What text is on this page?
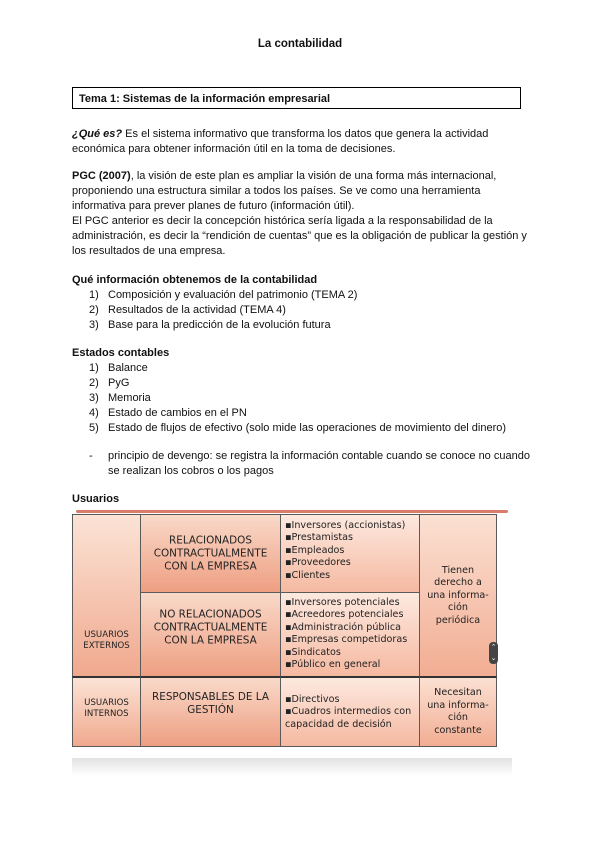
La contabilidad
Tema 1: Sistemas de la información empresarial

¿Qué es? Es el sistema informativo que transforma los datos que genera la actividad económica para obtener información útil en la toma de decisiones.

PGC (2007), la visión de este plan es ampliar la visión de una forma más internacional, proponiendo una estructura similar a todos los países. Se ve como una herramienta informativa para prever planes de futuro (información útil).

El PGC anterior es decir la concepción histórica sería ligada a la responsabilidad de la administración, es decir la “rendición de cuentas” que es la obligación de publicar la gestión y los resultados de una empresa.

Qué información obtenemos de la contabilidad
1) Composición y evaluación del patrimonio (TEMA 2)
2) Resultados de la actividad (TEMA 4)
3) Base para la predicción de la evolución futura
Estados contables
1) Balance
2) PyG
3) Memoria
4) Estado de cambios en el PN
5) Estado de flujos de efectivo (solo mide las operaciones de movimiento del dinero)
- principio de devengo: se registra la información contable cuando se conoce no cuando se realizan los cobros o los pagos
Usuarios
USUARIOS EXTERNOS
RELACIONADOS CONTRACTUALMENTE CON LA EMPRESA
▪Inversores (accionistas)
▪Prestamistas
▪Empleados
▪Proveedores
▪Clientes	Tienen derecho a una informa-ción periódica
NO RELACIONADOS CONTRACTUALMENTE CON LA EMPRESA
▪Inversores potenciales
▪Acreedores potenciales
▪Administración pública
▪Empresas competidoras
▪Sindicatos
▪Público en general
USUARIOS INTERNOS
RESPONSABLES DE LA GESTIÓN
▪Directivos
▪Cuadros intermedios con
capacidad de decisión
Necesitan una informa-ción constante
⌃
⌄
